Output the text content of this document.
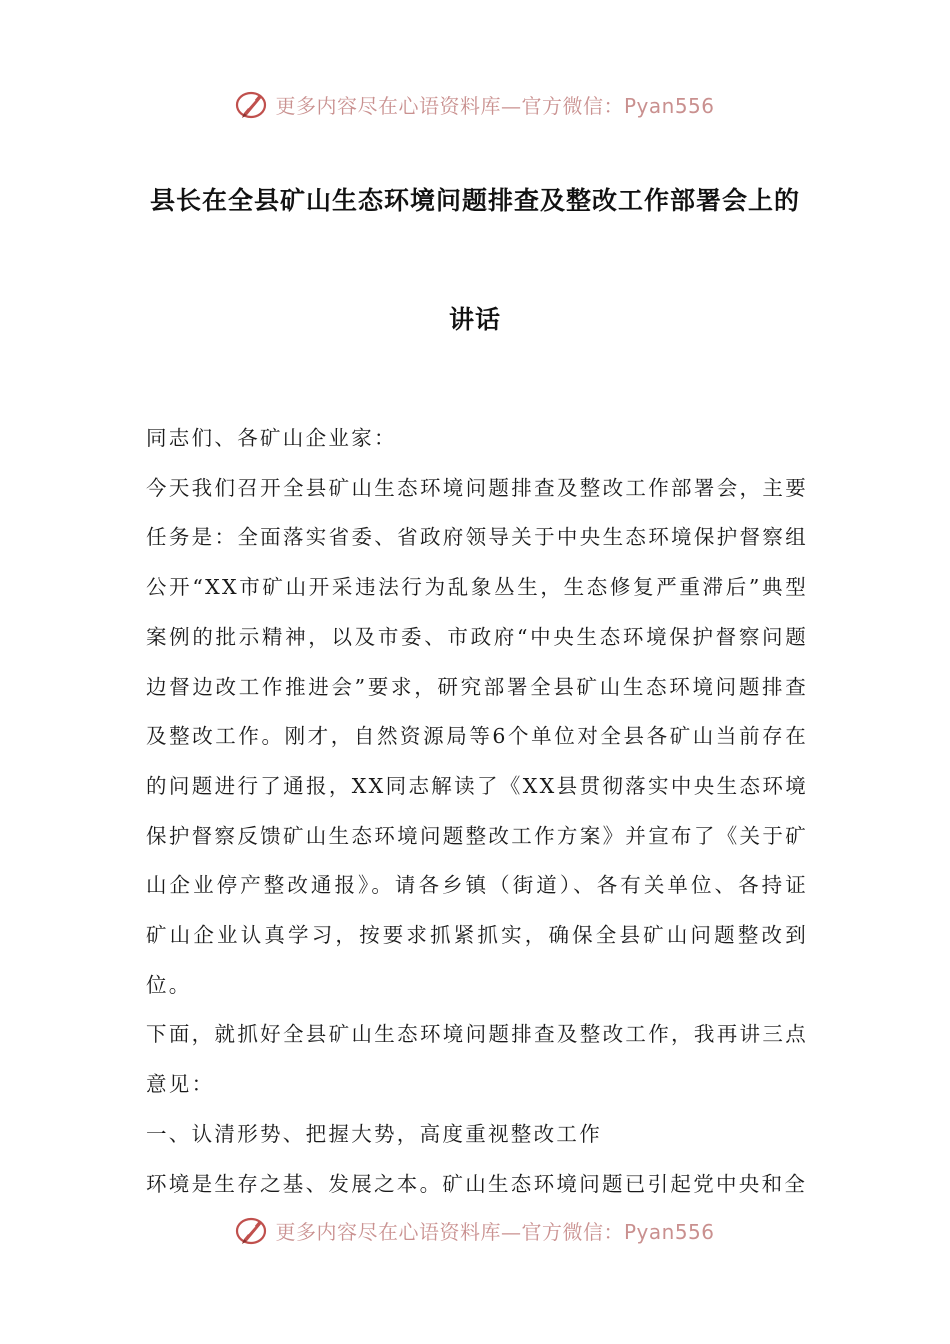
更多内容尽在心语资料库—官方微信：Pyan556
县长在全县矿山生态环境问题排查及整改工作部署会上的
讲话

同志们、各矿山企业家：

今天我们召开全县矿山生态环境问题排查及整改工作部署会，主要任务是：全面落实省委、省政府领导关于中央生态环境保护督察组公开“XX市矿山开采违法行为乱象丛生，生态修复严重滞后”典型案例的批示精神，以及市委、市政府“中央生态环境保护督察问题边督边改工作推进会”要求，研究部署全县矿山生态环境问题排查及整改工作。刚才，自然资源局等6个单位对全县各矿山当前存在的问题进行了通报，XX同志解读了《XX县贯彻落实中央生态环境保护督察反馈矿山生态环境问题整改工作方案》并宣布了《关于矿山企业停产整改通报》。请各乡镇（街道）、各有关单位、各持证矿山企业认真学习，按要求抓紧抓实，确保全县矿山问题整改到位。

下面，就抓好全县矿山生态环境问题排查及整改工作，我再讲三点意见：

一、认清形势、把握大势，高度重视整改工作

环境是生存之基、发展之本。矿山生态环境问题已引起党中央和全

更多内容尽在心语资料库—官方微信：Pyan556
